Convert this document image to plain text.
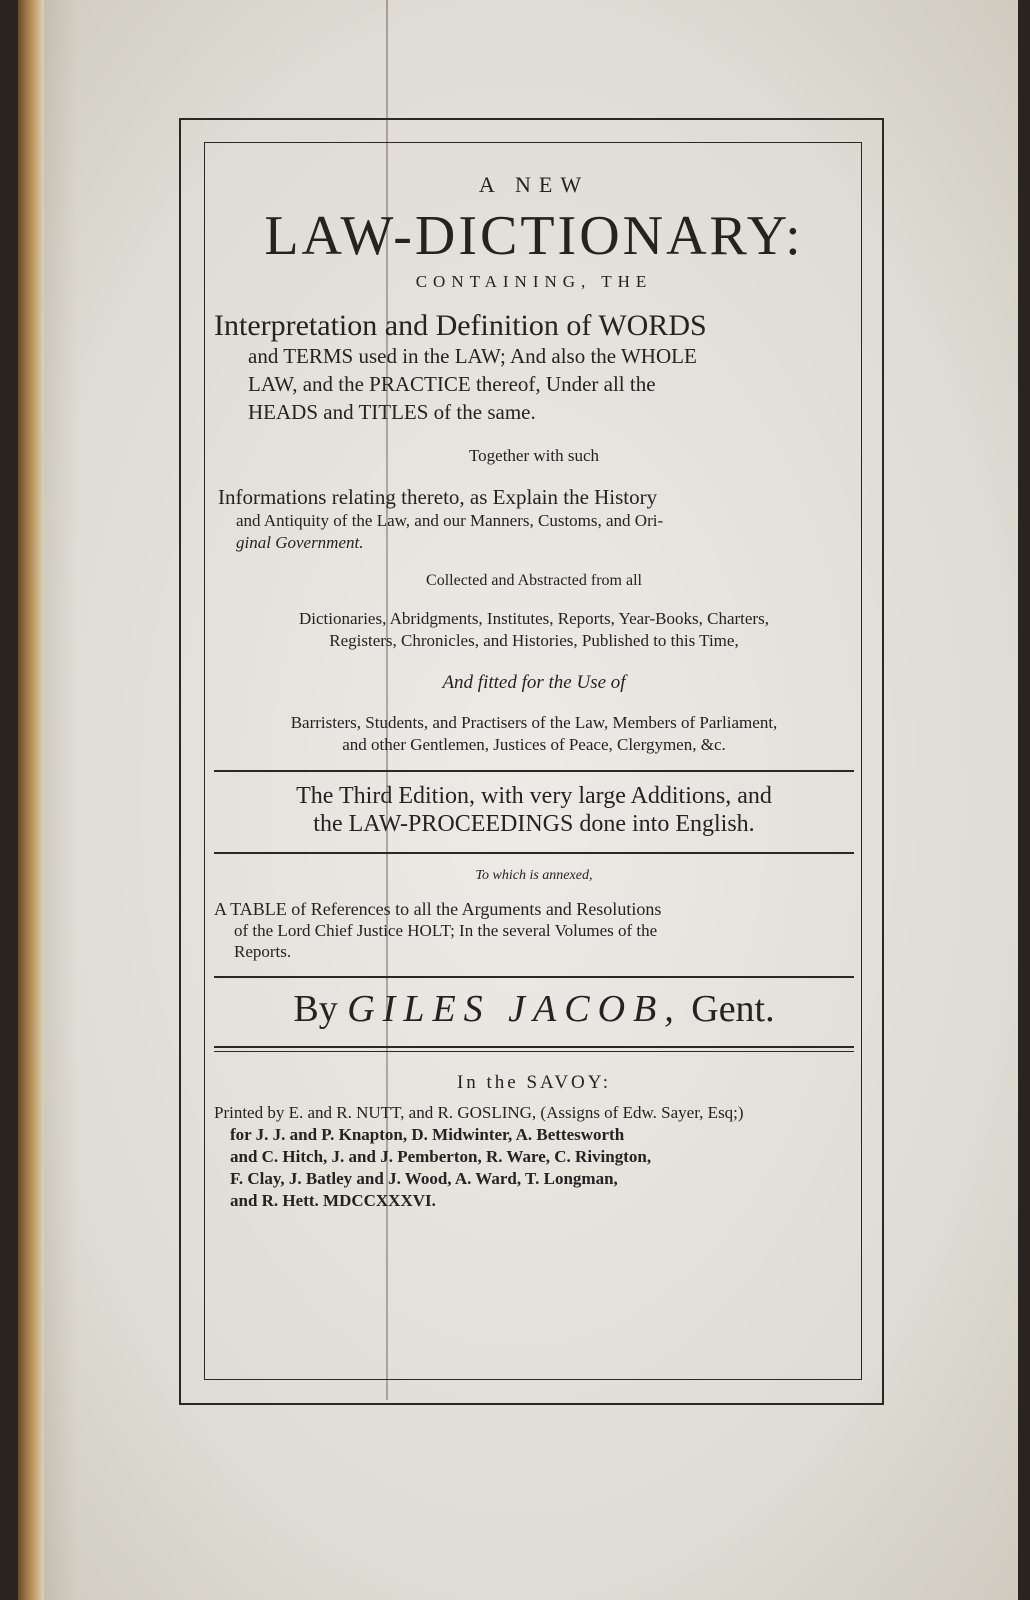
A NEW
LAW-DICTIONARY:
CONTAINING, THE
Interpretation and Definition of WORDS
and TERMS used in the LAW; And also the WHOLE
LAW, and the PRACTICE thereof, Under all the
HEADS and TITLES of the same.
Together with such
Informations relating thereto, as Explain the History
and Antiquity of the Law, and our Manners, Customs, and Ori-
ginal Government.
Collected and Abstracted from all
Dictionaries, Abridgments, Institutes, Reports, Year-Books, Charters,
Registers, Chronicles, and Histories, Published to this Time,
And fitted for the Use of
Barristers, Students, and Practisers of the Law, Members of Parliament,
and other Gentlemen, Justices of Peace, Clergymen, &c.
The Third Edition, with very large Additions, and
the LAW-PROCEEDINGS done into English.
To which is annexed,
A TABLE of References to all the Arguments and Resolutions
of the Lord Chief Justice HOLT; In the several Volumes of the
Reports.
By GILES JACOB, Gent.
In the SAVOY:
Printed by E. and R. NUTT, and R. GOSLING, (Assigns of Edw. Sayer, Esq;)
for J. J. and P. Knapton, D. Midwinter, A. Bettesworth
and C. Hitch, J. and J. Pemberton, R. Ware, C. Rivington,
F. Clay, J. Batley and J. Wood, A. Ward, T. Longman,
and R. Hett. MDCCXXXVI.
